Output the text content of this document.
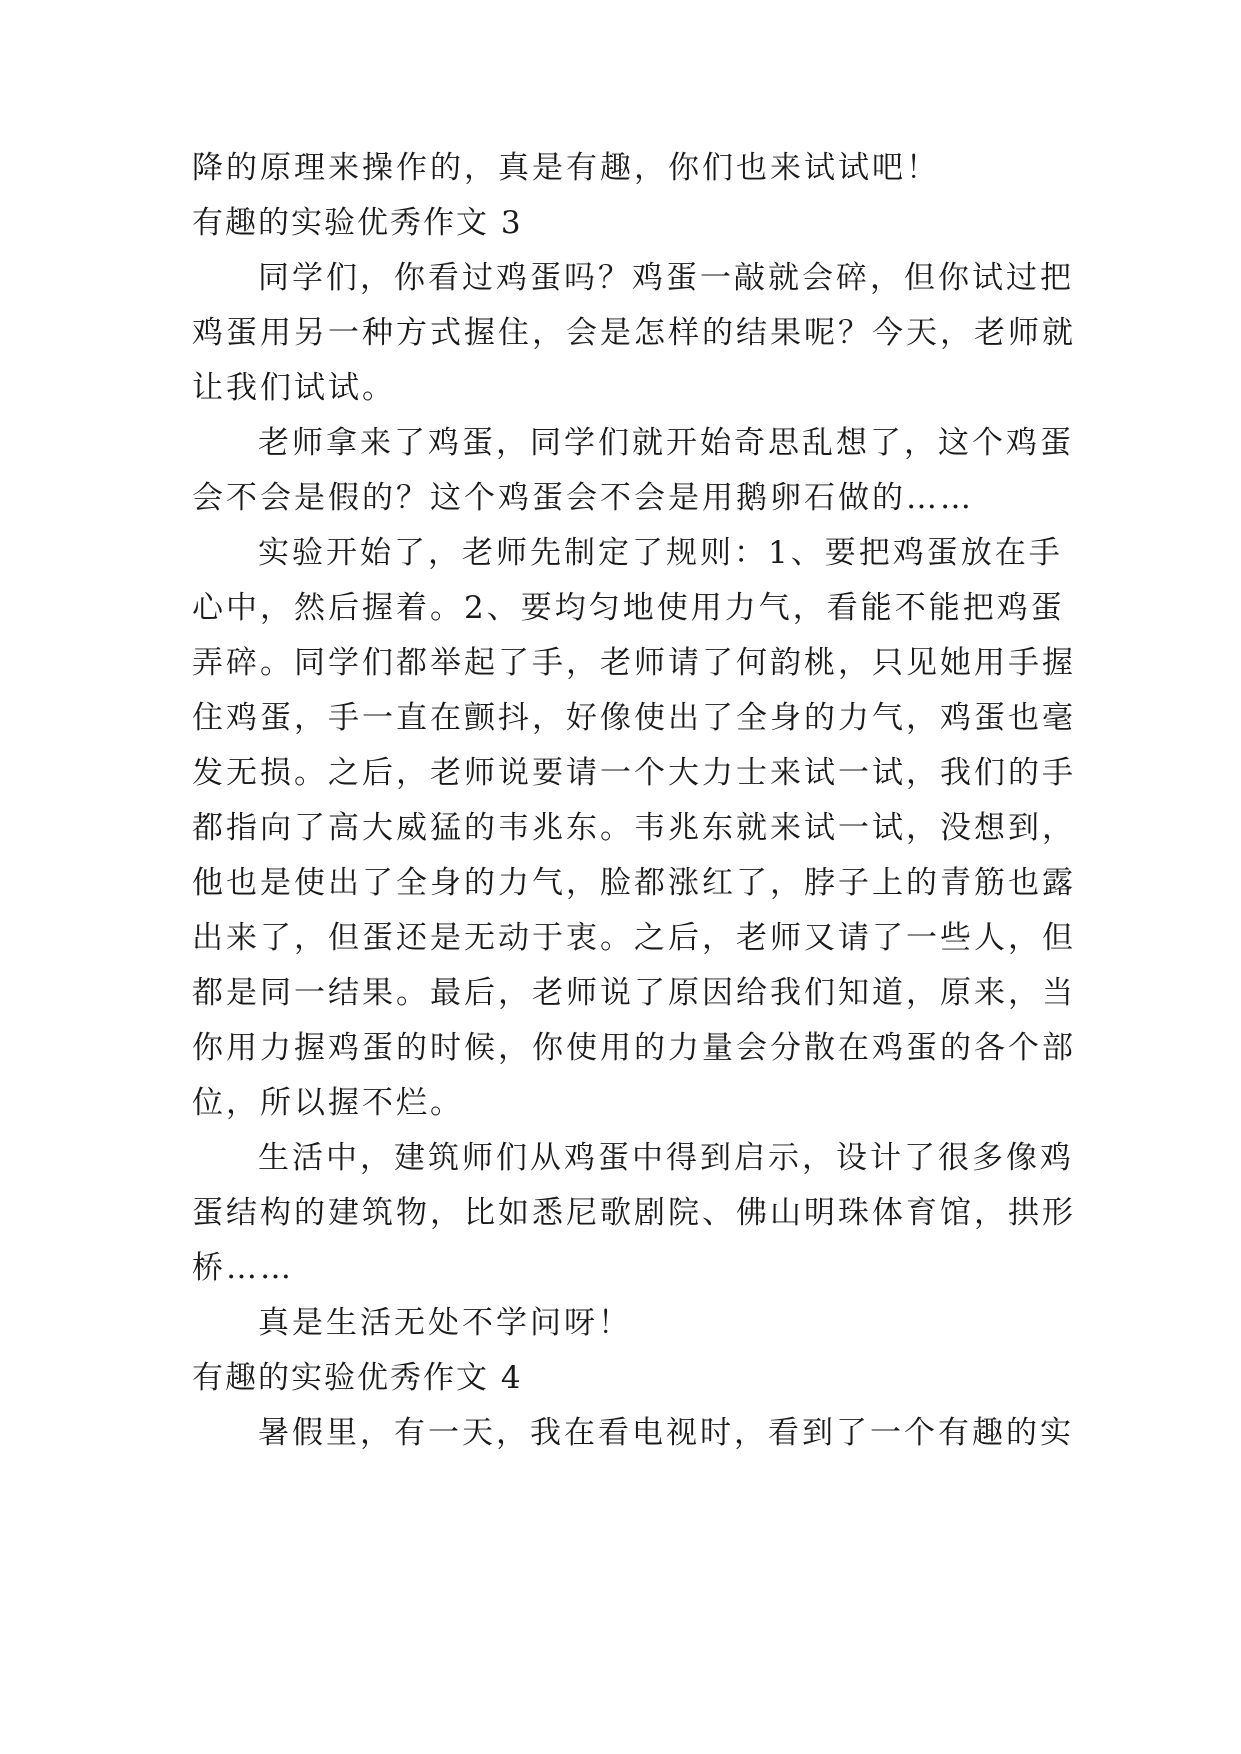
降的原理来操作的，真是有趣，你们也来试试吧！
有趣的实验优秀作文 3
同学们，你看过鸡蛋吗？鸡蛋一敲就会碎，但你试过把
鸡蛋用另一种方式握住，会是怎样的结果呢？今天，老师就
让我们试试。
老师拿来了鸡蛋，同学们就开始奇思乱想了，这个鸡蛋
会不会是假的？这个鸡蛋会不会是用鹅卵石做的……
实验开始了，老师先制定了规则：1、要把鸡蛋放在手
心中，然后握着。2、要均匀地使用力气，看能不能把鸡蛋
弄碎。同学们都举起了手，老师请了何韵桃，只见她用手握
住鸡蛋，手一直在颤抖，好像使出了全身的力气，鸡蛋也毫
发无损。之后，老师说要请一个大力士来试一试，我们的手
都指向了高大威猛的韦兆东。韦兆东就来试一试，没想到，
他也是使出了全身的力气，脸都涨红了，脖子上的青筋也露
出来了，但蛋还是无动于衷。之后，老师又请了一些人，但
都是同一结果。最后，老师说了原因给我们知道，原来，当
你用力握鸡蛋的时候，你使用的力量会分散在鸡蛋的各个部
位，所以握不烂。
生活中，建筑师们从鸡蛋中得到启示，设计了很多像鸡
蛋结构的建筑物，比如悉尼歌剧院、佛山明珠体育馆，拱形
桥……
真是生活无处不学问呀！
有趣的实验优秀作文 4
暑假里，有一天，我在看电视时，看到了一个有趣的实
